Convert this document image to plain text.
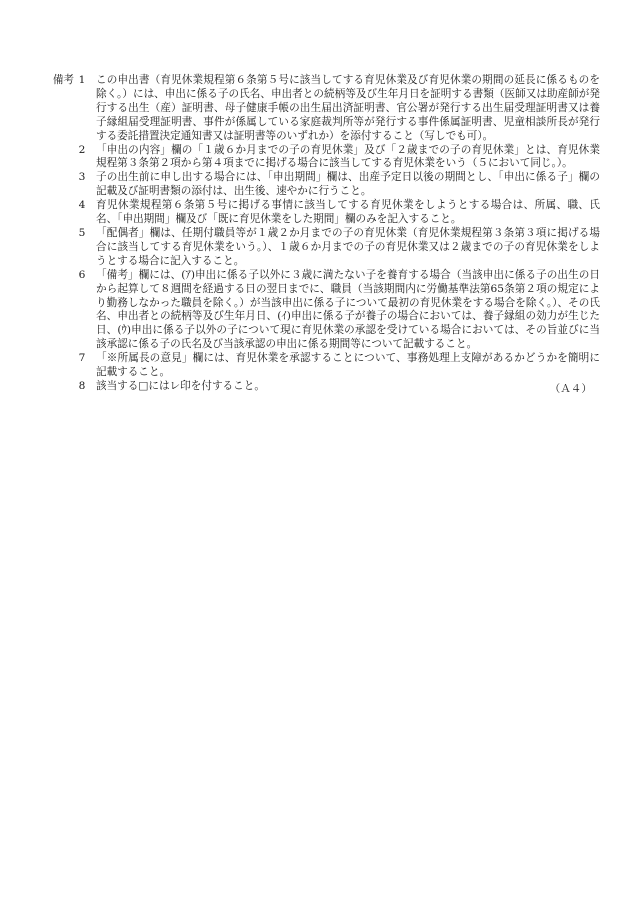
備考 1	この申出書（育児休業規程第６条第５号に該当してする育児休業及び育児休業の期間の延長に係るものを除く。）には、申出に係る子の氏名、申出者との続柄等及び生年月日を証明する書類（医師又は助産師が発行する出生（産）証明書、母子健康手帳の出生届出済証明書、官公署が発行する出生届受理証明書又は養子縁組届受理証明書、事件が係属している家庭裁判所等が発行する事件係属証明書、児童相談所長が発行する委託措置決定通知書又は証明書等のいずれか）を添付すること（写しでも可）。
2	「申出の内容」欄の「１歳６か月までの子の育児休業」及び「２歳までの子の育児休業」とは、育児休業規程第３条第２項から第４項までに掲げる場合に該当してする育児休業をいう（５において同じ。）。
3	子の出生前に申し出する場合には、「申出期間」欄は、出産予定日以後の期間とし、「申出に係る子」欄の記載及び証明書類の添付は、出生後、速やかに行うこと。
4	育児休業規程第６条第５号に掲げる事情に該当してする育児休業をしようとする場合は、所属、職、氏名、「申出期間」欄及び「既に育児休業をした期間」欄のみを記入すること。
5	「配偶者」欄は、任期付職員等が１歳２か月までの子の育児休業（育児休業規程第３条第３項に掲げる場合に該当してする育児休業をいう。）、１歳６か月までの子の育児休業又は２歳までの子の育児休業をしようとする場合に記入すること。
6	「備考」欄には、(ｱ)申出に係る子以外に３歳に満たない子を養育する場合（当該申出に係る子の出生の日から起算して８週間を経過する日の翌日までに、職員（当該期間内に労働基準法第65条第２項の規定により勤務しなかった職員を除く。）が当該申出に係る子について最初の育児休業をする場合を除く。）、その氏名、申出者との続柄等及び生年月日、(ｲ)申出に係る子が養子の場合においては、養子縁組の効力が生じた日、(ｳ)申出に係る子以外の子について現に育児休業の承認を受けている場合においては、その旨並びに当該承認に係る子の氏名及び当該承認の申出に係る期間等について記載すること。
7	「※所属長の意見」欄には、育児休業を承認することについて、事務処理上支障があるかどうかを簡明に記載すること。
8	該当する□にはレ印を付すること。	（Ａ４）
